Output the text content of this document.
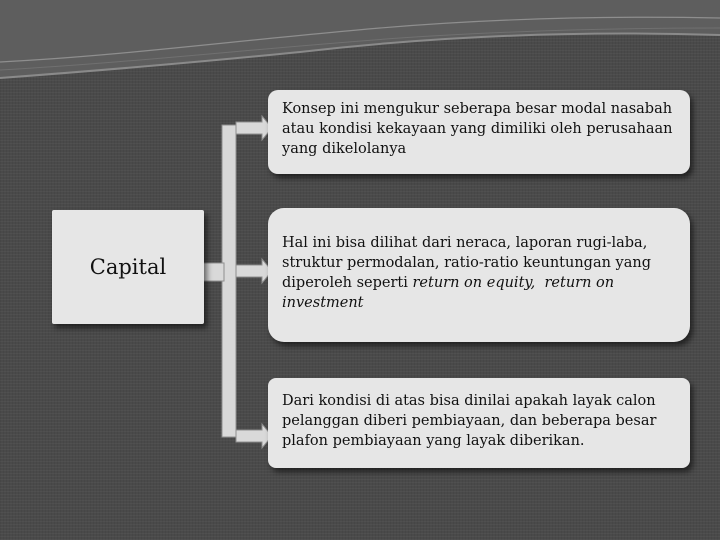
Capital
Konsep ini mengukur seberapa besar modal nasabah atau kondisi kekayaan yang dimiliki oleh perusahaan yang dikelolanya
Hal ini bisa dilihat dari neraca, laporan rugi-laba, struktur permodalan, ratio-ratio keuntungan yang diperoleh seperti return on equity, return on investment
Dari kondisi di atas bisa dinilai apakah layak calon pelanggan diberi pembiayaan, dan beberapa besar plafon pembiayaan yang layak diberikan.
